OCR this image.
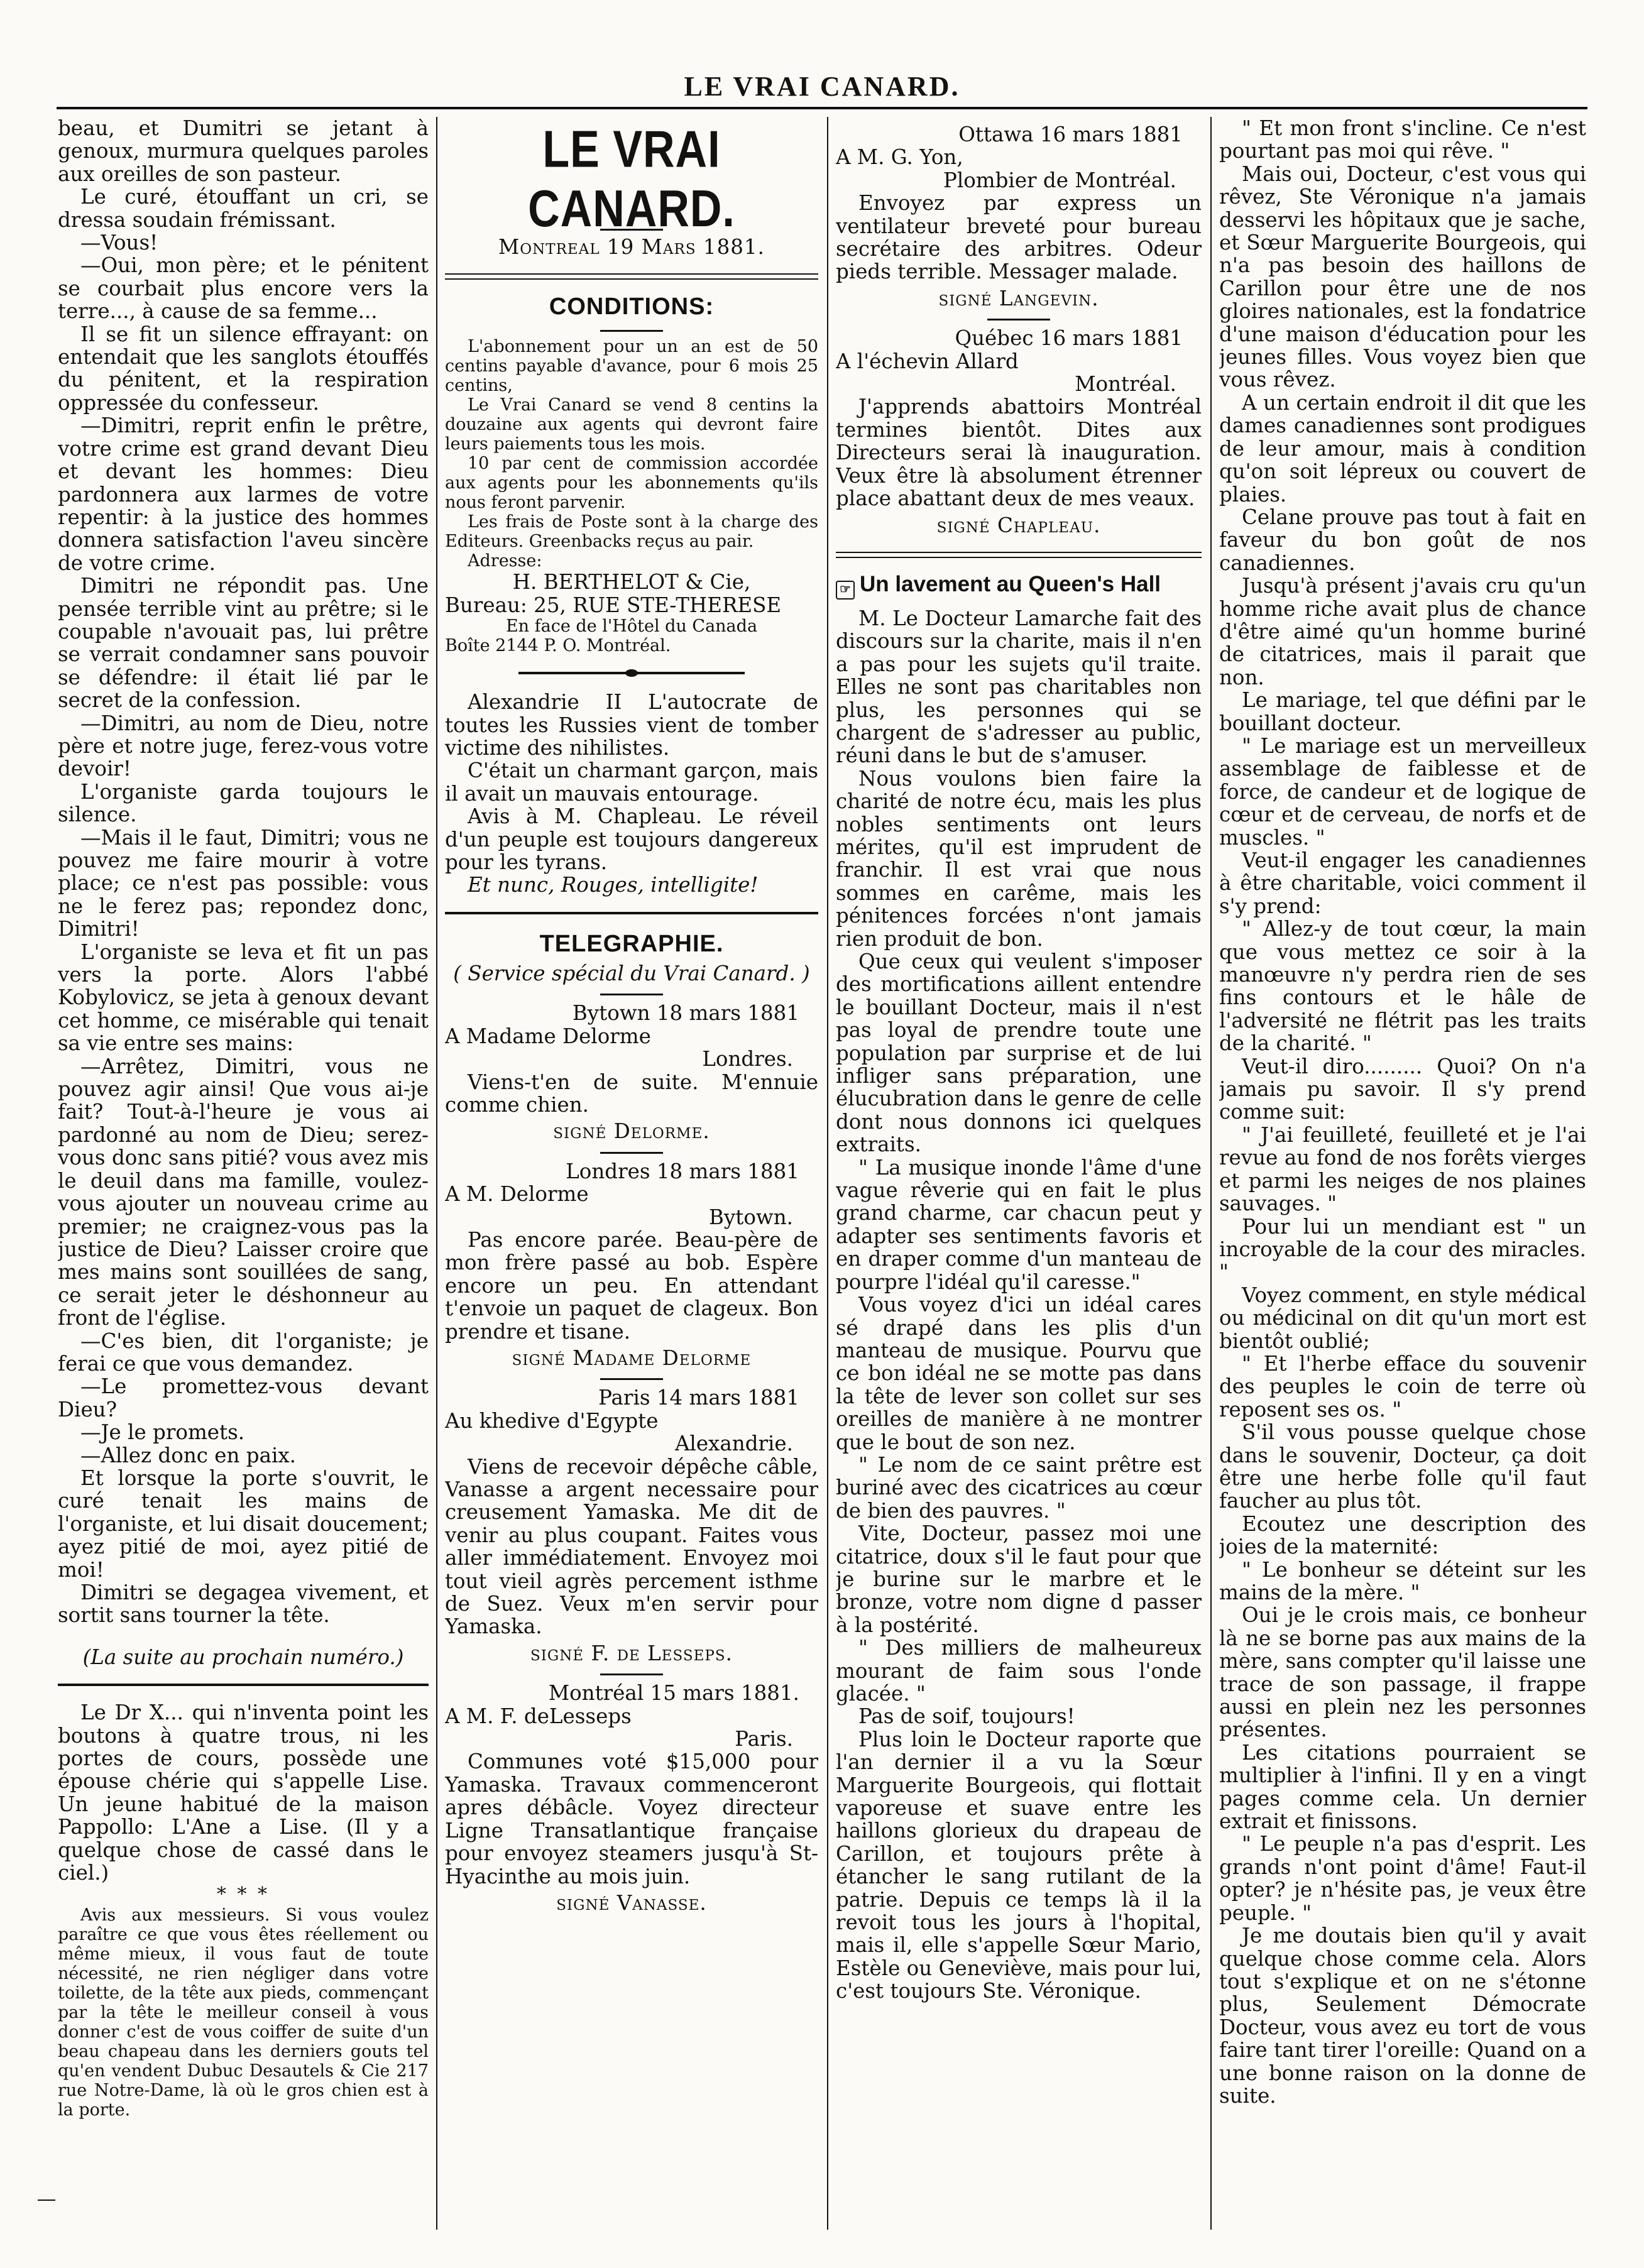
LE VRAI CANARD.

beau, et Dumitri se jetant à genoux, murmura quelques paroles aux oreilles de son pasteur.

Le curé, étouffant un cri, se dressa soudain frémissant.

—Vous!

—Oui, mon père; et le pénitent se courbait plus encore vers la terre..., à cause de sa femme...

Il se fit un silence effrayant: on entendait que les sanglots étouffés du pénitent, et la respiration oppressée du confesseur.

—Dimitri, reprit enfin le prêtre, votre crime est grand devant Dieu et devant les hommes: Dieu pardonnera aux larmes de votre repentir: à la justice des hommes donnera satisfaction l'aveu sincère de votre crime.

Dimitri ne répondit pas. Une pensée terrible vint au prêtre; si le coupable n'avouait pas, lui prêtre se verrait condamner sans pouvoir se défendre: il était lié par le secret de la confession.

—Dimitri, au nom de Dieu, notre père et notre juge, ferez-vous votre devoir!

L'organiste garda toujours le silence.

—Mais il le faut, Dimitri; vous ne pouvez me faire mourir à votre place; ce n'est pas possible: vous ne le ferez pas; repondez donc, Dimitri!

L'organiste se leva et fit un pas vers la porte. Alors l'abbé Kobylovicz, se jeta à genoux devant cet homme, ce misérable qui tenait sa vie entre ses mains:

—Arrêtez, Dimitri, vous ne pouvez agir ainsi! Que vous ai-je fait? Tout-à-l'heure je vous ai pardonné au nom de Dieu; serez-vous donc sans pitié? vous avez mis le deuil dans ma famille, voulez-vous ajouter un nouveau crime au premier; ne craignez-vous pas la justice de Dieu? Laisser croire que mes mains sont souillées de sang, ce serait jeter le déshonneur au front de l'église.

—C'es bien, dit l'organiste; je ferai ce que vous demandez.

—Le promettez-vous devant Dieu?

—Je le promets.

—Allez donc en paix.

Et lorsque la porte s'ouvrit, le curé tenait les mains de l'organiste, et lui disait doucement; ayez pitié de moi, ayez pitié de moi!

Dimitri se degagea vivement, et sortit sans tourner la tête.

(La suite au prochain numéro.)

Le Dr X... qui n'inventa point les boutons à quatre trous, ni les portes de cours, possède une épouse chérie qui s'appelle Lise. Un jeune habitué de la maison Pappollo: L'Ane a Lise. (Il y a quelque chose de cassé dans le ciel.)

* * *

Avis aux messieurs. Si vous voulez paraître ce que vous êtes réellement ou même mieux, il vous faut de toute nécessité, ne rien négliger dans votre toilette, de la tête aux pieds, commençant par la tête le meilleur conseil à vous donner c'est de vous coiffer de suite d'un beau chapeau dans les derniers gouts tel qu'en vendent Dubuc Desautels & Cie 217 rue Notre-Dame, là où le gros chien est à la porte.

LE VRAI CANARD.

Montreal 19 Mars 1881.

CONDITIONS:

L'abonnement pour un an est de 50 centins payable d'avance, pour 6 mois 25 centins,

Le Vrai Canard se vend 8 centins la douzaine aux agents qui devront faire leurs paiements tous les mois.

10 par cent de commission accordée aux agents pour les abonnements qu'ils nous feront parvenir.

Les frais de Poste sont à la charge des Editeurs. Greenbacks reçus au pair.

Adresse:

H. BERTHELOT & Cie,

Bureau: 25, RUE STE-THERESE

En face de l'Hôtel du Canada

Boîte 2144 P. O. Montréal.

Alexandrie II L'autocrate de toutes les Russies vient de tomber victime des nihilistes.

C'était un charmant garçon, mais il avait un mauvais entourage.

Avis à M. Chapleau. Le réveil d'un peuple est toujours dangereux pour les tyrans.

Et nunc, Rouges, intelligite!

TELEGRAPHIE.

( Service spécial du Vrai Canard. )

Bytown 18 mars 1881

A Madame Delorme

Londres.

Viens-t'en de suite. M'ennuie comme chien.

signé Delorme.

Londres 18 mars 1881

A M. Delorme

Bytown.

Pas encore parée. Beau-père de mon frère passé au bob. Espère encore un peu. En attendant t'envoie un paquet de clageux. Bon prendre et tisane.

signé Madame Delorme

Paris 14 mars 1881

Au khedive d'Egypte

Alexandrie.

Viens de recevoir dépêche câble, Vanasse a argent necessaire pour creusement Yamaska. Me dit de venir au plus coupant. Faites vous aller immédiatement. Envoyez moi tout vieil agrès percement isthme de Suez. Veux m'en servir pour Yamaska.

signé F. de Lesseps.

Montréal 15 mars 1881.

A M. F. deLesseps

Paris.

Communes voté $15,000 pour Yamaska. Travaux commenceront apres débâcle. Voyez directeur Ligne Transatlantique française pour envoyez steamers jusqu'à St-Hyacinthe au mois juin.

signé Vanasse.

Ottawa 16 mars 1881

A M. G. Yon,

Plombier de Montréal.

Envoyez par express un ventilateur breveté pour bureau secrétaire des arbitres. Odeur pieds terrible. Messager malade.

signé Langevin.

Québec 16 mars 1881

A l'échevin Allard

Montréal.

J'apprends abattoirs Montréal termines bientôt. Dites aux Directeurs serai là inauguration. Veux être là absolument étrenner place abattant deux de mes veaux.

signé Chapleau.

☞ Un lavement au Queen's Hall

M. Le Docteur Lamarche fait des discours sur la charite, mais il n'en a pas pour les sujets qu'il traite. Elles ne sont pas charitables non plus, les personnes qui se chargent de s'adresser au public, réuni dans le but de s'amuser.

Nous voulons bien faire la charité de notre écu, mais les plus nobles sentiments ont leurs mérites, qu'il est imprudent de franchir. Il est vrai que nous sommes en carême, mais les pénitences forcées n'ont jamais rien produit de bon.

Que ceux qui veulent s'imposer des mortifications aillent entendre le bouillant Docteur, mais il n'est pas loyal de prendre toute une population par surprise et de lui infliger sans préparation, une élucubration dans le genre de celle dont nous donnons ici quelques extraits.

" La musique inonde l'âme d'une vague rêverie qui en fait le plus grand charme, car chacun peut y adapter ses sentiments favoris et en draper comme d'un manteau de pourpre l'idéal qu'il caresse."

Vous voyez d'ici un idéal cares sé drapé dans les plis d'un manteau de musique. Pourvu que ce bon idéal ne se motte pas dans la tête de lever son collet sur ses oreilles de manière à ne montrer que le bout de son nez.

" Le nom de ce saint prêtre est buriné avec des cicatrices au cœur de bien des pauvres. "

Vite, Docteur, passez moi une citatrice, doux s'il le faut pour que je burine sur le marbre et le bronze, votre nom digne d passer à la postérité.

" Des milliers de malheureux mourant de faim sous l'onde glacée. "

Pas de soif, toujours!

Plus loin le Docteur raporte que l'an dernier il a vu la Sœur Marguerite Bourgeois, qui flottait vaporeuse et suave entre les haillons glorieux du drapeau de Carillon, et toujours prête à étancher le sang rutilant de la patrie. Depuis ce temps là il la revoit tous les jours à l'hopital, mais il, elle s'appelle Sœur Mario, Estèle ou Geneviève, mais pour lui, c'est toujours Ste. Véronique.

" Et mon front s'incline. Ce n'est pourtant pas moi qui rêve. "

Mais oui, Docteur, c'est vous qui rêvez, Ste Véronique n'a jamais desservi les hôpitaux que je sache, et Sœur Marguerite Bourgeois, qui n'a pas besoin des haillons de Carillon pour être une de nos gloires nationales, est la fondatrice d'une maison d'éducation pour les jeunes filles. Vous voyez bien que vous rêvez.

A un certain endroit il dit que les dames canadiennes sont prodigues de leur amour, mais à condition qu'on soit lépreux ou couvert de plaies.

Celane prouve pas tout à fait en faveur du bon goût de nos canadiennes.

Jusqu'à présent j'avais cru qu'un homme riche avait plus de chance d'être aimé qu'un homme buriné de citatrices, mais il parait que non.

Le mariage, tel que défini par le bouillant docteur.

" Le mariage est un merveilleux assemblage de faiblesse et de force, de candeur et de logique de cœur et de cerveau, de norfs et de muscles. "

Veut-il engager les canadiennes à être charitable, voici comment il s'y prend:

" Allez-y de tout cœur, la main que vous mettez ce soir à la manœuvre n'y perdra rien de ses fins contours et le hâle de l'adversité ne flétrit pas les traits de la charité. "

Veut-il diro......... Quoi? On n'a jamais pu savoir. Il s'y prend comme suit:

" J'ai feuilleté, feuilleté et je l'ai revue au fond de nos forêts vierges et parmi les neiges de nos plaines sauvages. "

Pour lui un mendiant est " un incroyable de la cour des miracles. "

Voyez comment, en style médical ou médicinal on dit qu'un mort est bientôt oublié;

" Et l'herbe efface du souvenir des peuples le coin de terre où reposent ses os. "

S'il vous pousse quelque chose dans le souvenir, Docteur, ça doit être une herbe folle qu'il faut faucher au plus tôt.

Ecoutez une description des joies de la maternité:

" Le bonheur se déteint sur les mains de la mère. "

Oui je le crois mais, ce bonheur là ne se borne pas aux mains de la mère, sans compter qu'il laisse une trace de son passage, il frappe aussi en plein nez les personnes présentes.

Les citations pourraient se multiplier à l'infini. Il y en a vingt pages comme cela. Un dernier extrait et finissons.

" Le peuple n'a pas d'esprit. Les grands n'ont point d'âme! Faut-il opter? je n'hésite pas, je veux être peuple. "

Je me doutais bien qu'il y avait quelque chose comme cela. Alors tout s'explique et on ne s'étonne plus, Seulement Démocrate Docteur, vous avez eu tort de vous faire tant tirer l'oreille: Quand on a une bonne raison on la donne de suite.
